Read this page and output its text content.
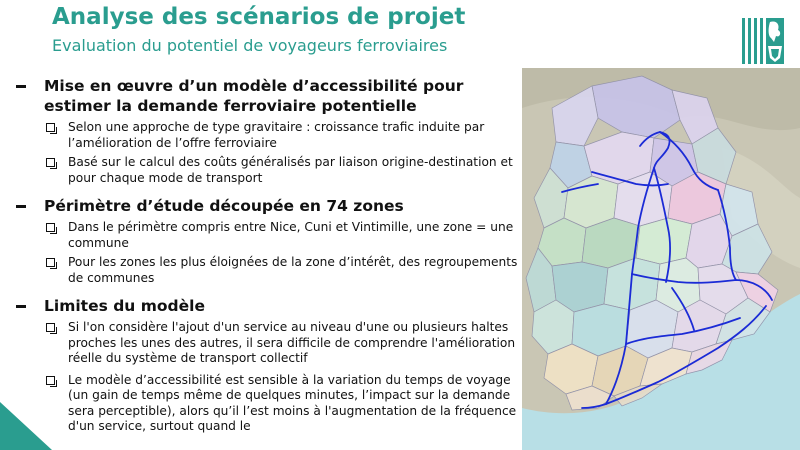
Analyse des scénarios de projet
Evaluation du potentiel de voyageurs ferroviaires
Mise en œuvre d’un modèle d’accessibilité pour estimer la demande ferroviaire potentielle
Selon une approche de type gravitaire : croissance trafic induite par l’amélioration de l’offre ferroviaire
Basé sur le calcul des coûts généralisés par liaison origine-destination et pour chaque mode de transport
Périmètre d’étude découpée en 74 zones
Dans le périmètre compris entre Nice, Cuni et Vintimille, une zone = une commune
Pour les zones les plus éloignées de la zone d’intérêt, des regroupements de communes
Limites du modèle
Si l'on considère l'ajout d'un service au niveau d'une ou plusieurs haltes proches les unes des autres, il sera difficile de comprendre l'amélioration réelle du système de transport collectif
Le modèle d’accessibilité est sensible à la variation du temps de voyage (un gain de temps même de quelques minutes, l’impact sur la demande sera perceptible), alors qu’il l’est moins à l'augmentation de la fréquence d'un service, surtout quand le
